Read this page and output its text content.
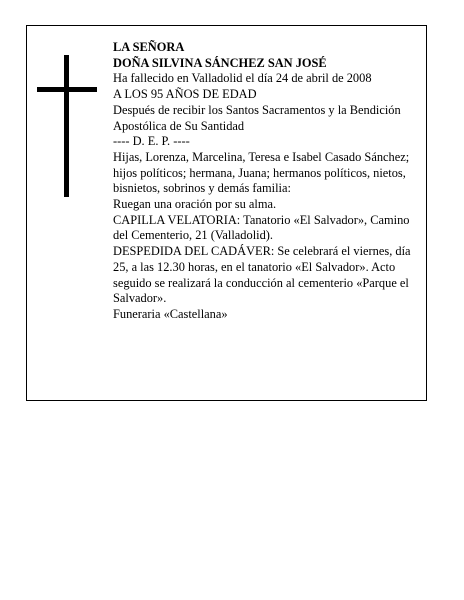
LA SEÑORA

DOÑA SILVINA SÁNCHEZ SAN JOSÉ

Ha fallecido en Valladolid el día 24 de abril de 2008

A LOS 95 AÑOS DE EDAD

Después de recibir los Santos Sacramentos y la Bendición Apostólica de Su Santidad

---- D. E. P. ----

Hijas, Lorenza, Marcelina, Teresa e Isabel Casado Sánchez; hijos políticos; hermana, Juana; hermanos políticos, nietos, bisnietos, sobrinos y demás familia:

Ruegan una oración por su alma.

CAPILLA VELATORIA: Tanatorio «El Salvador», Camino del Cementerio, 21 (Valladolid).

DESPEDIDA DEL CADÁVER: Se celebrará el viernes, día 25, a las 12.30 horas, en el tanatorio «El Salvador». Acto seguido se realizará la conducción al cementerio «Parque el Salvador».

Funeraria «Castellana»
